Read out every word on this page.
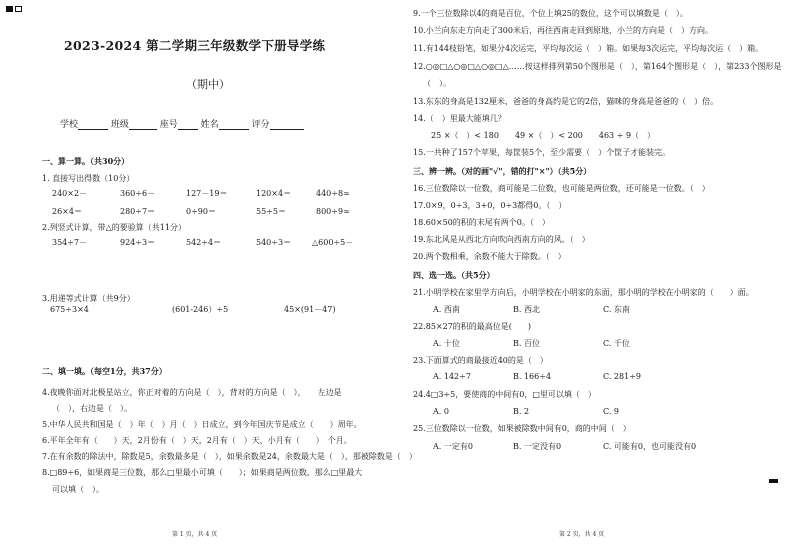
2023-2024 第二学期三年级数学下册导学练
（期中）
学校	班级	座号	姓名	评分
一、算一算。（共30分）
1. 直接写出得数（10分）
240×2－	360÷6－	127－19＝	120×4＝	440÷8≈
26×4＝	280÷7＝	0÷90＝	55÷5＝	800÷9≈
2.列竖式计算，带△的要验算（共11分）
354÷7－	924÷3＝	542÷4＝	540÷3＝	△600÷5－
3.用递等式计算（共9分）
675÷3×4	(601-246）÷5	45×(91－47)
二、填一填。（每空1分，共37分）
4.夜晚你面对北极星站立，你正对着的方向是（　），背对的方向是（　），　　左边是
（　），右边是（　）。
5.中华人民共和国是（　）年（　）月（　）日成立，到今年国庆节是成立（　　）周年。
6.平年全年有（　　）天，2月份有（　）天，2月有（　）天，小月有（　　）　个月。
7.在有余数的除法中，除数是5，余数最多是（　），如果余数是24，余数最大是（　），那被除数是（　）
8.□89÷6，如果商是三位数，那么□里最小可填（　　）；如果商是两位数，那么□里最大
可以填（　）。
第 1 页，共 4 页
9.一个三位数除以4的商是百位，个位上填25的数位，这个可以填数是（　）。
10.小兰向东走方向走了300米后，再往西南走回到原地，小兰的方向是（　）方向。
11.有144枝铅笔，如果分4次运完，平均每次运（　）箱。如果每3次运完，平均每次运（　）箱。
12.○◎□△○◎□△○◎□△……按这样排列第50个图形是（　），第164个图形是（　），第233个图形是
（　）。
13.东东的身高是132厘米，爸爸的身高约是它的2倍，猫咪的身高是爸爸的（　）倍。
14.（　）里最大能填几？
　25 ×（　）< 180　　49 ×（　）< 200　　463 ÷ 9（　）
15.一共种了157个苹果，每筐装5个，至少需要（　）个筐子才能装完。
三、辨一辨。（对的画"√"，错的打"×"）（共5分）
16.三位数除以一位数，商可能是二位数，也可能是两位数，还可能是一位数。（　）
17.0×9，0÷3，3+0，0÷3都得0。（　）
18.60×50的积的末尾有两个0。（　）
19.东北风是从西北方向吹向西南方向的风。（　）
20.两个数相乘，余数不能大于除数。（　）
四、选一选。（共5分）
21.小明学校在家里学方向后，小明学校在小明家的东面，那小明的学校在小明家的（　　）面。
A. 西南	B. 西北	C. 东南
22.85×27的积的最高位是(　　)
A. 十位	B. 百位	C. 千位
23.下面算式的商最接近40的是（　）
A. 142÷7	B. 166÷4	C. 281÷9
24.4□3÷5，要使商的中间有0，□里可以填（　）
A. 0	B. 2	C. 9
25.三位数除以一位数，如果被除数中间有0，商的中间（　）
A. 一定有0	B. 一定没有0	C. 可能有0，也可能没有0
第 2 页，共 4 页
